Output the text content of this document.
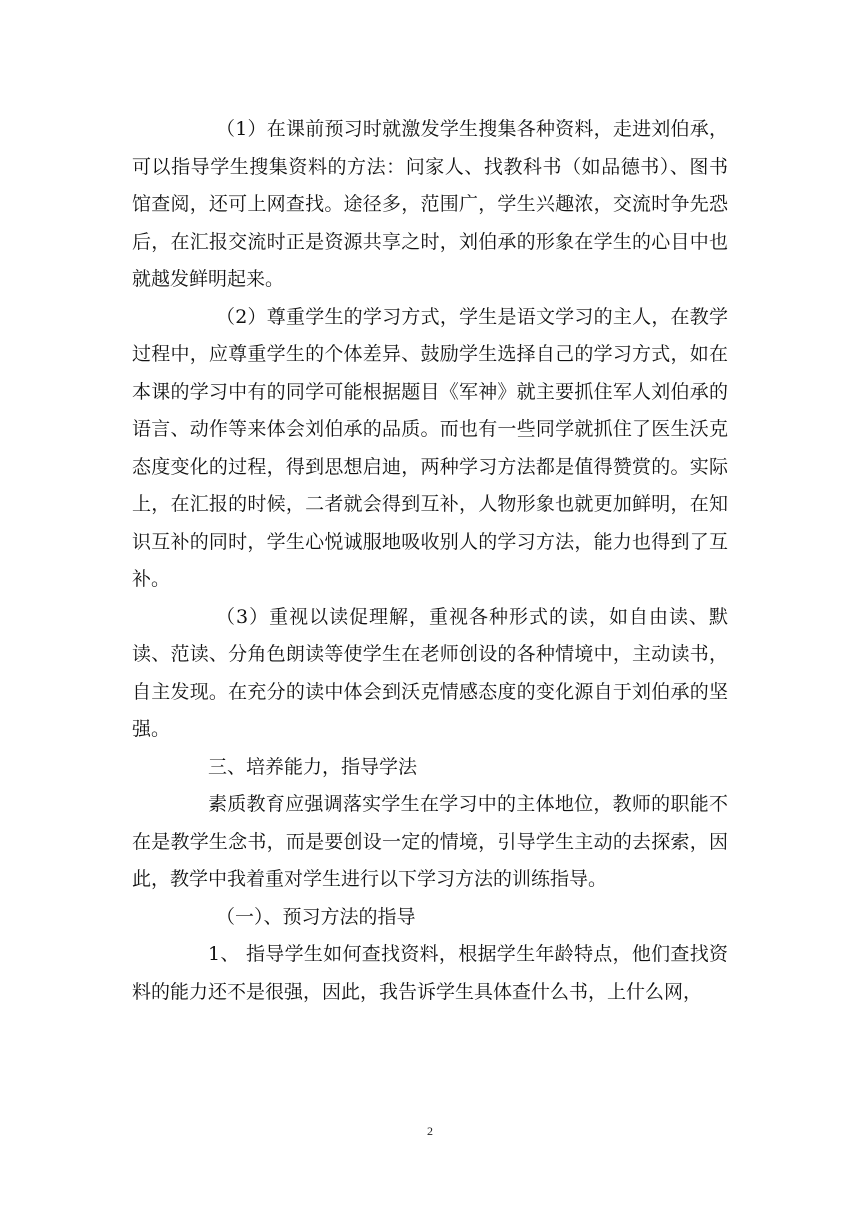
（1）在课前预习时就激发学生搜集各种资料，走进刘伯承，可以指导学生搜集资料的方法：问家人、找教科书（如品德书）、图书馆查阅，还可上网查找。途径多，范围广，学生兴趣浓，交流时争先恐后，在汇报交流时正是资源共享之时，刘伯承的形象在学生的心目中也就越发鲜明起来。

（2）尊重学生的学习方式，学生是语文学习的主人，在教学过程中，应尊重学生的个体差异、鼓励学生选择自己的学习方式，如在本课的学习中有的同学可能根据题目《军神》就主要抓住军人刘伯承的语言、动作等来体会刘伯承的品质。而也有一些同学就抓住了医生沃克态度变化的过程，得到思想启迪，两种学习方法都是值得赞赏的。实际上，在汇报的时候，二者就会得到互补，人物形象也就更加鲜明，在知识互补的同时，学生心悦诚服地吸收别人的学习方法，能力也得到了互补。

（3）重视以读促理解，重视各种形式的读，如自由读、默读、范读、分角色朗读等使学生在老师创设的各种情境中，主动读书，自主发现。在充分的读中体会到沃克情感态度的变化源自于刘伯承的坚强。

三、培养能力，指导学法

素质教育应强调落实学生在学习中的主体地位，教师的职能不在是教学生念书，而是要创设一定的情境，引导学生主动的去探索，因此，教学中我着重对学生进行以下学习方法的训练指导。

（一）、预习方法的指导

1、 指导学生如何查找资料，根据学生年龄特点，他们查找资料的能力还不是很强，因此，我告诉学生具体查什么书，上什么网，

2
